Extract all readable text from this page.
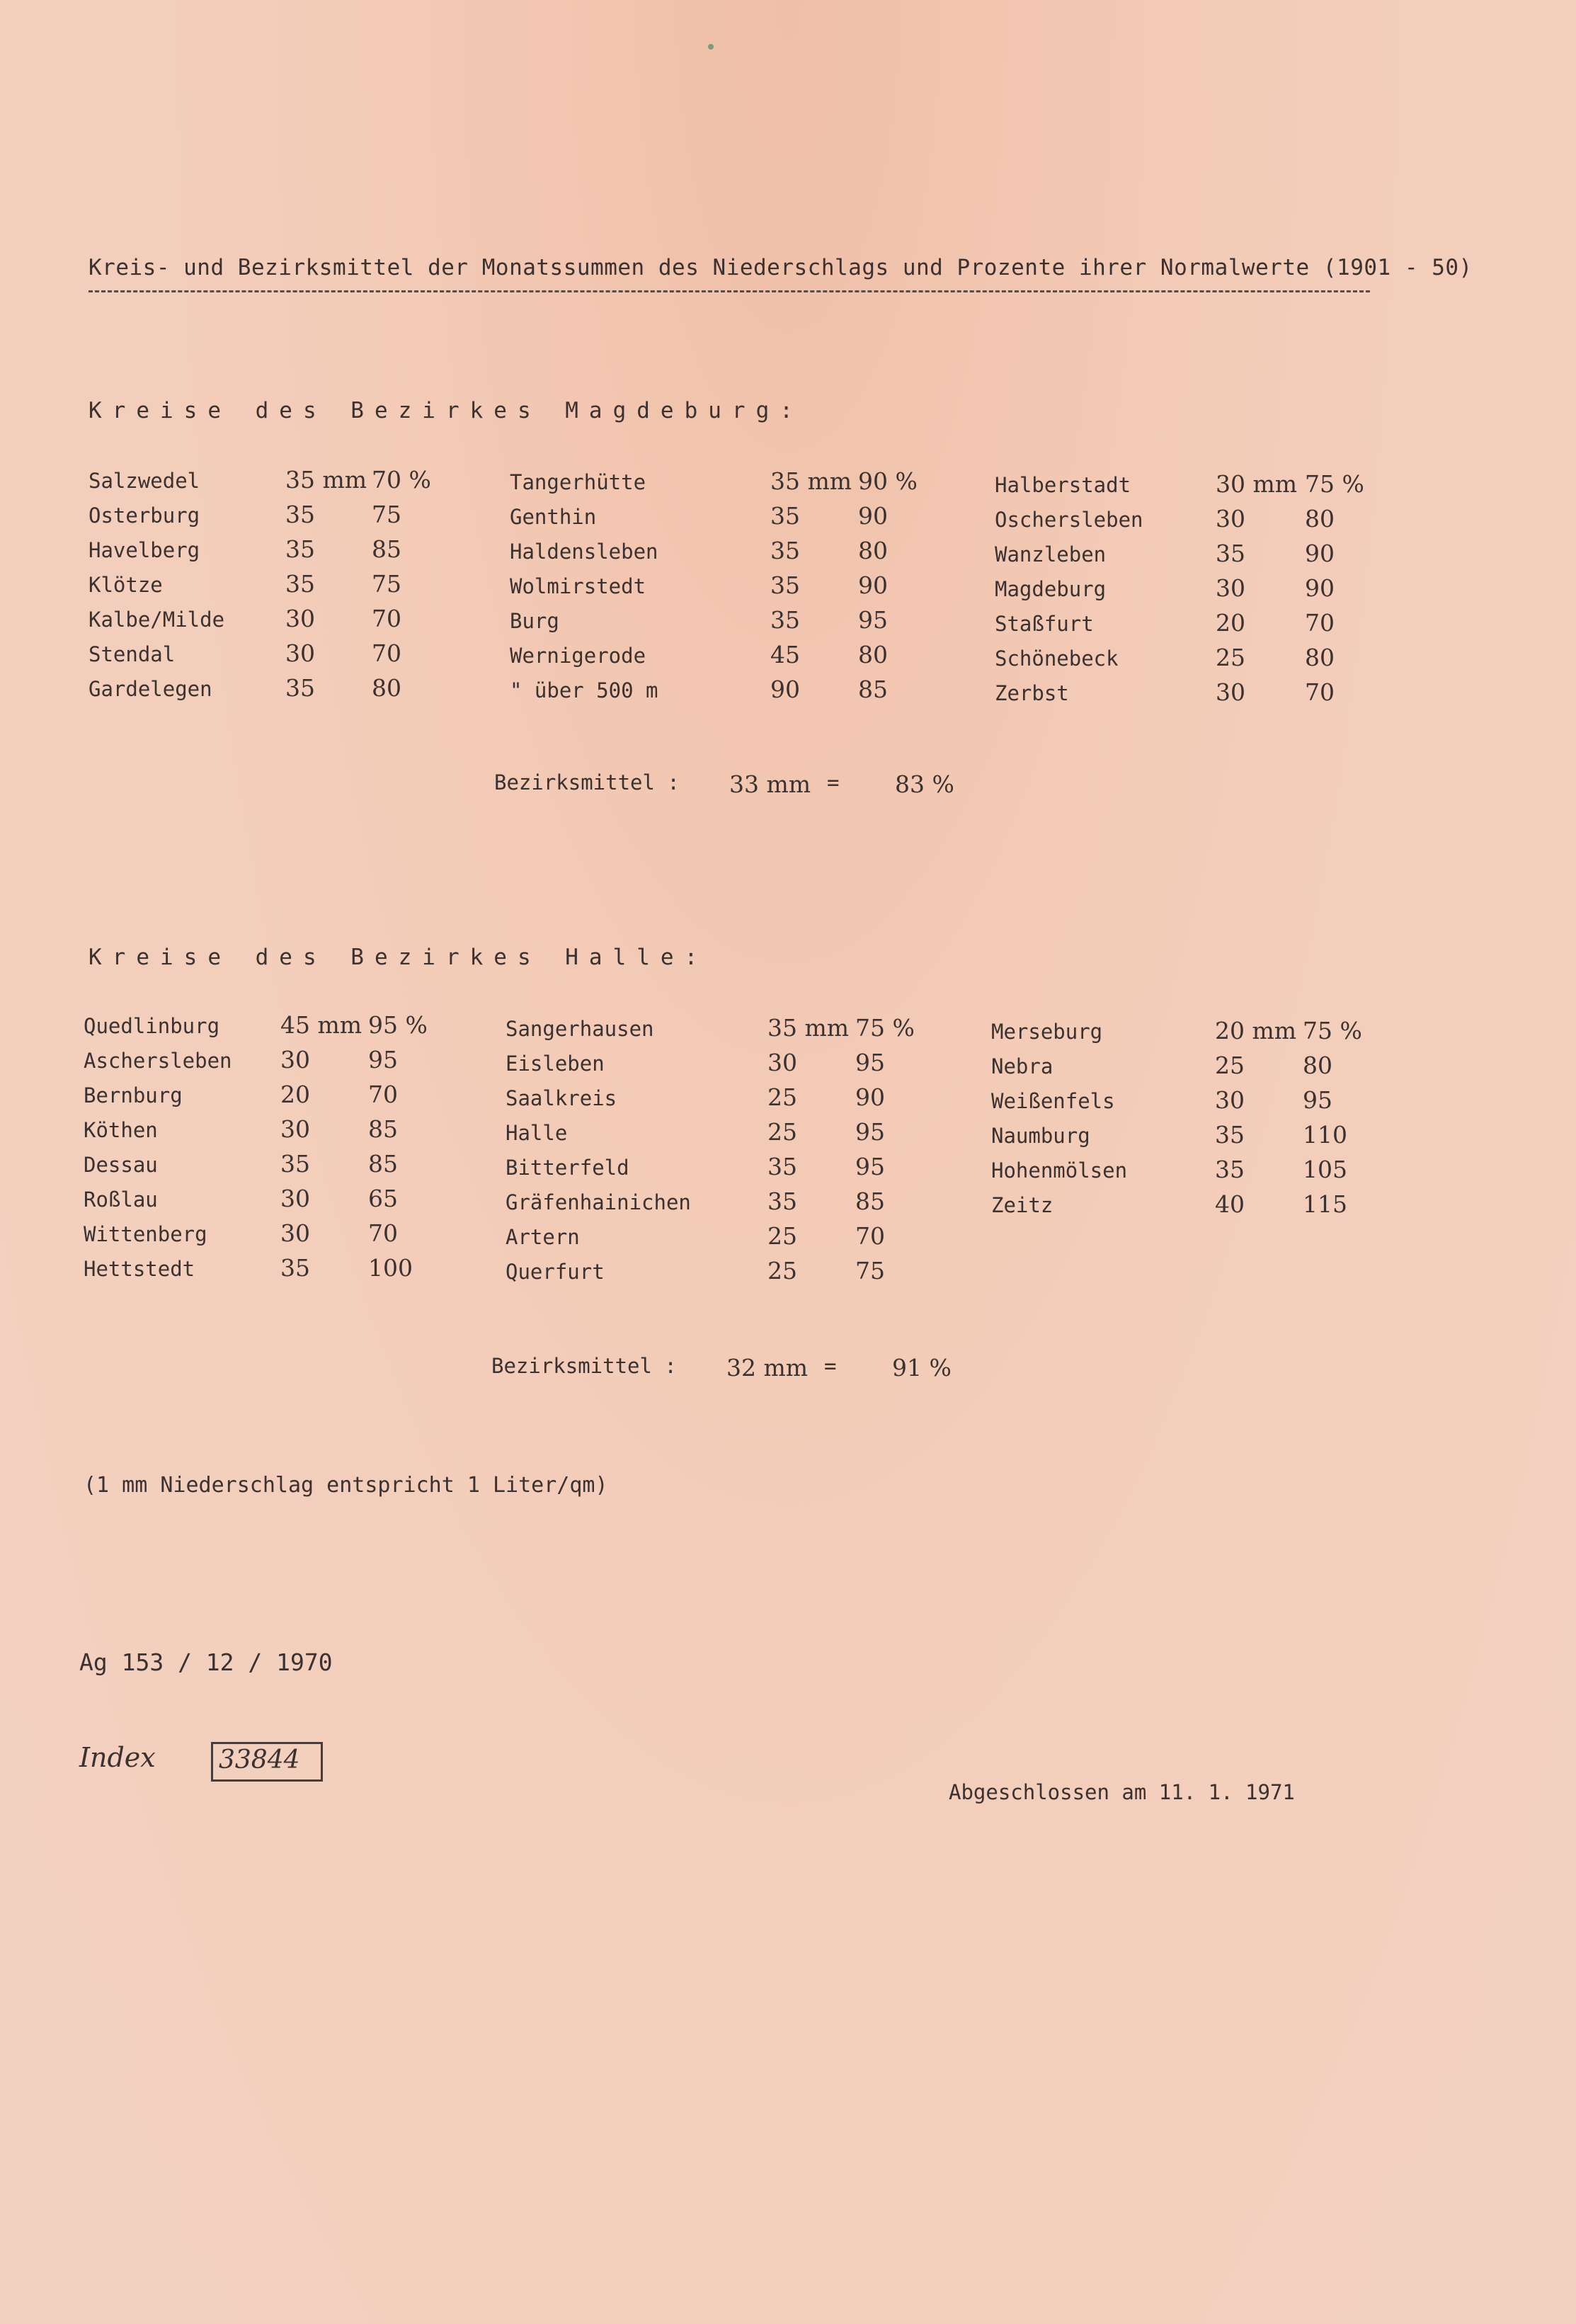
Kreis- und Bezirksmittel der Monatssummen des Niederschlags und Prozente ihrer Normalwerte (1901 - 50)
Kreise des Bezirkes Magdeburg:
Salzwedel	35 mm 70 %
Osterburg	35 75
Havelberg	35 85
Klötze	35 75
Kalbe/Milde	30 70
Stendal	30 70
Gardelegen	35 80
Tangerhütte	35 mm 90 %
Genthin	35 90
Haldensleben	35 80
Wolmirstedt	35 90
Burg	35 95
Wernigerode	45 80
" über 500 m	90 85
Halberstadt	30 mm 75 %
Oschersleben	30	80
Wanzleben	35	90
Magdeburg	30	90
Staßfurt	20	70
Schönebeck	25	80
Zerbst	30	70
Bezirksmittel : 33 mm = 83 %
Kreise des Bezirkes Halle:
Quedlinburg	45 mm 95 %
Aschersleben 30 95
Bernburg	20 70
Köthen	30 85
Dessau	35 85
Roßlau	30 65
Wittenberg	30 70
Hettstedt	35 100
Sangerhausen	35 mm 75 %
Eisleben	30 95
Saalkreis	25 90
Halle	25 95
Bitterfeld	35 95
Gräfenhainichen	35 85
Artern	25 70
Querfurt	25 75
Merseburg	20 mm 75 %
Nebra	25 80
Weißenfels	30 95
Naumburg	35 110
Hohenmölsen	35 105
Zeitz	40 115
Bezirksmittel : 32 mm = 91 %
(1 mm Niederschlag entspricht 1 Liter/qm)
Ag 153 / 12 / 1970
Index	33844
Abgeschlossen am 11. 1. 1971
